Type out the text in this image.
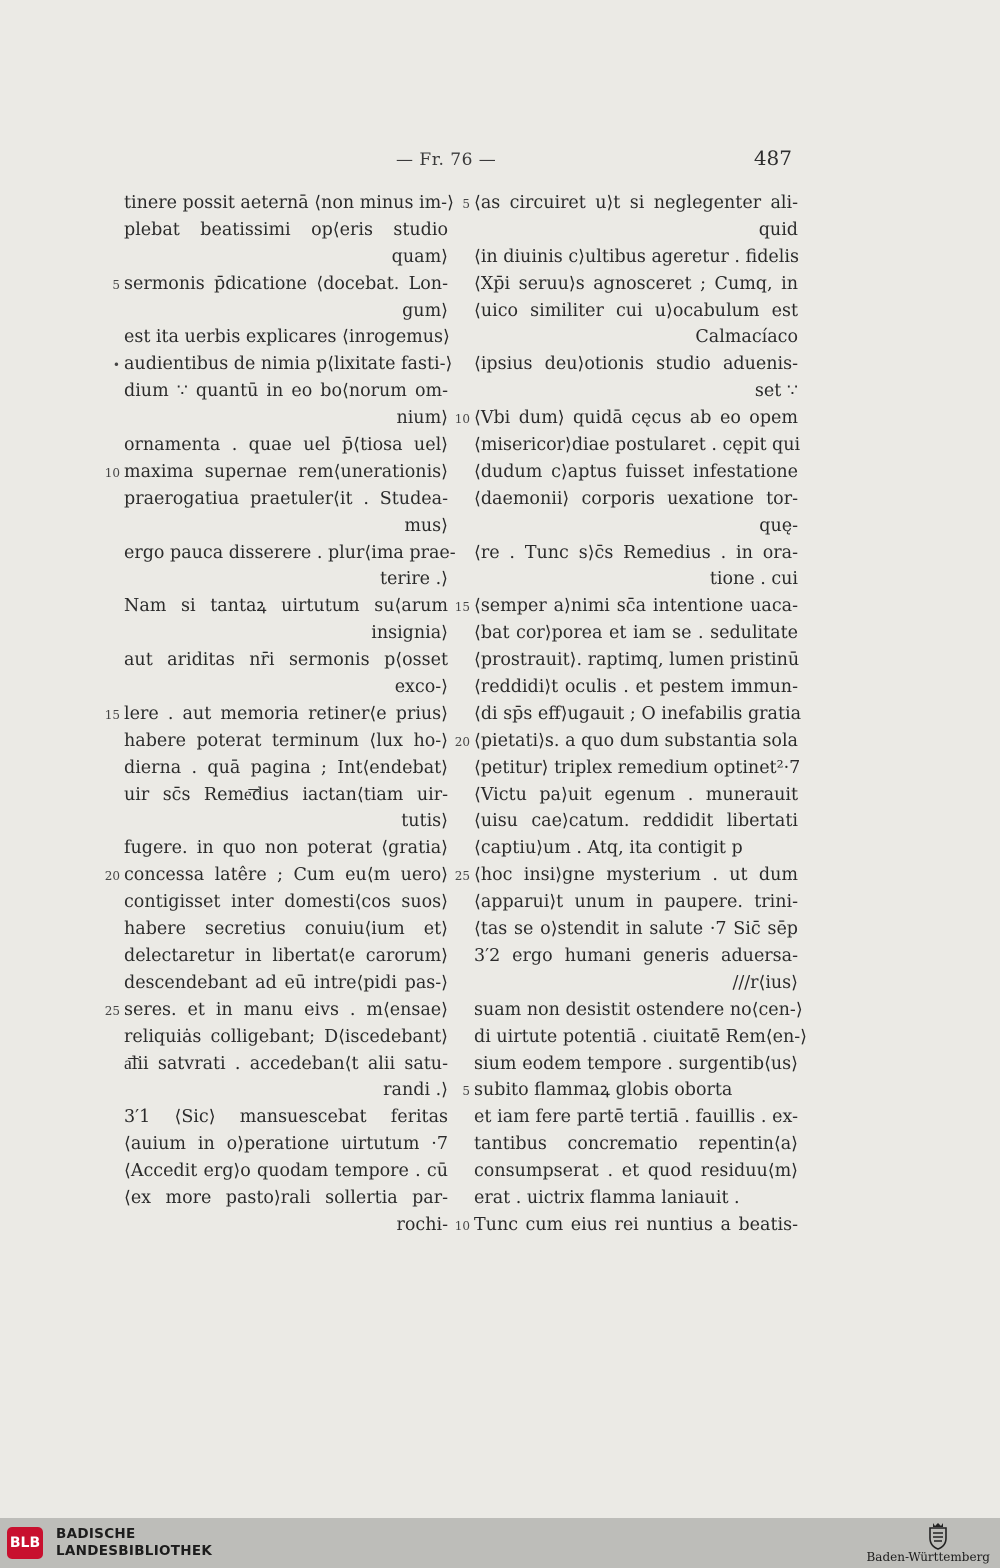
— Fr. 76 —	487
tinere possit aeternā ⟨non minus im-⟩
plebat beatissimi op⟨eris studio
quam⟩
5 sermonis p̄dicatione ⟨docebat. Lon-
gum⟩
est ita uerbis explicares ⟨inrogemus⟩
• audientibus de nimia p⟨lixitate fasti-⟩
dium ∵ quantū in eo bo⟨norum om-
nium⟩
ornamenta . quae uel p̄⟨tiosa uel⟩
10 maxima supernae rem⟨unerationis⟩
praerogatiua praetuler⟨it . Studea-
mus⟩
ergo pauca disserere . plur⟨ima prae-
terire .⟩
Nam si tantaꝝ uirtutum su⟨arum
insignia⟩
aut ariditas nr̄i sermonis p⟨osset
exco-⟩
15 lere . aut memoria retiner⟨e prius⟩
habere poterat terminum ⟨lux ho-⟩
dierna . quā pagina ; Int⟨endebat⟩
uir sc̄s Reme͞dius iactan⟨tiam uir-
tutis⟩
fugere. in quo non poterat ⟨gratia⟩
20 concessa latêre ; Cum eu⟨m uero⟩
contigisset inter domesti⟨cos suos⟩
habere secretius conuiu⟨ium et⟩
delectaretur in libertat⟨e carorum⟩
descendebant ad eū intre⟨pidi pas-⟩
25 seres. et in manu eivs . m⟨ensae⟩
reliquiȧs colligebant; D⟨iscedebant⟩
a͞lii satvrati . accedeban⟨t alii satu-
randi .⟩
3′1 ⟨Sic⟩ mansuescebat feritas
⟨auium in o⟩peratione uirtutum ·7
⟨Accedit erg⟩o quodam tempore . cū
⟨ex more pasto⟩rali sollertia par-
rochi-
5 ⟨as circuiret u⟩t si neglegenter ali-
quid
⟨in diuinis c⟩ultibus ageretur . fidelis
⟨Xp̄i seruu⟩s agnosceret ; Cumq, in
⟨uico similiter cui u⟩ocabulum est
Calmacíaco
⟨ipsius deu⟩otionis studio aduenis-
set ∵
10 ⟨Vbi dum⟩ quidā cęcus ab eo opem
⟨misericor⟩diae postularet . cępit qui
⟨dudum c⟩aptus fuisset infestatione
⟨daemonii⟩ corporis uexatione tor-
quę-
⟨re . Tunc s⟩c̄s Remedius . in ora-
tione . cui
15 ⟨semper a⟩nimi sc̄a intentione uaca-
⟨bat cor⟩porea et iam se . sedulitate
⟨prostrauit⟩. raptimq, lumen pristinū
⟨reddidi⟩t oculis . et pestem immun-
⟨di sp̄s eff⟩ugauit ; O inefabilis gratia
20 ⟨pietati⟩s. a quo dum substantia sola
⟨petitur⟩ triplex remedium optinet²·7
⟨Victu pa⟩uit egenum . munerauit
⟨uisu cae⟩catum. reddidit libertati
⟨captiu⟩um . Atq, ita contigit p
25 ⟨hoc insi⟩gne mysterium . ut dum
⟨apparui⟩t unum in paupere. trini-
⟨tas se o⟩stendit in salute ·7 Sic̄ sēp
3′2 ergo humani generis aduersa-
///r⟨ius⟩
suam non desistit ostendere no⟨cen-⟩
di uirtute potentiā . ciuitatē Rem⟨en-⟩
sium eodem tempore . surgentib⟨us⟩
5 subito flammaꝝ globis oborta
et iam fere partē tertiā . fauillis . ex-
tantibus concrematio repentin⟨a⟩
consumpserat . et quod residuu⟨m⟩
erat . uictrix flamma laniauit .
10 Tunc cum eius rei nuntius a beatis-
BLB
BADISCHE
LANDESBIBLIOTHEK	Baden-Württemberg
